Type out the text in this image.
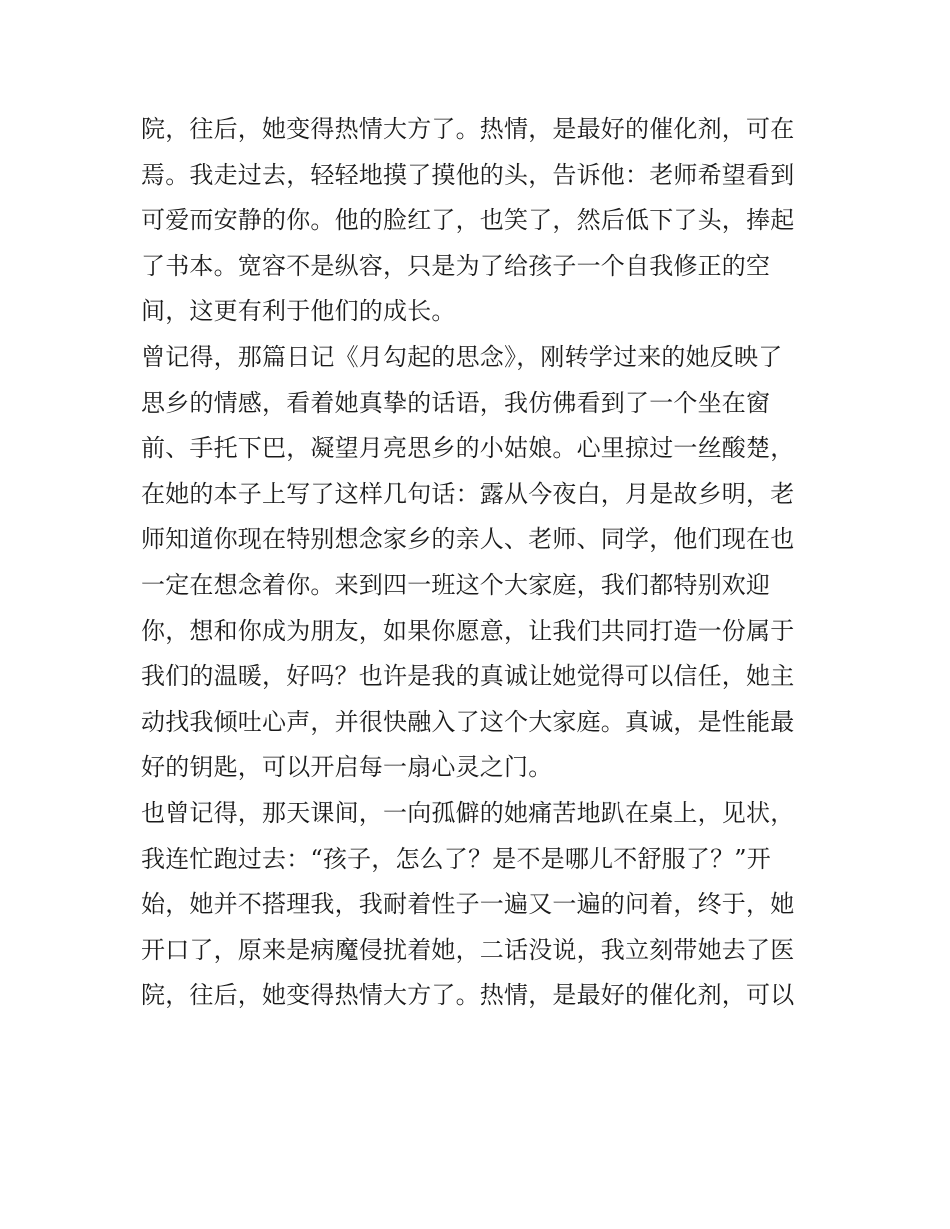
院，往后，她变得热情大方了。热情，是最好的催化剂，可在
焉。我走过去，轻轻地摸了摸他的头，告诉他：老师希望看到
可爱而安静的你。他的脸红了，也笑了，然后低下了头，捧起
了书本。宽容不是纵容，只是为了给孩子一个自我修正的空
间，这更有利于他们的成长。
曾记得，那篇日记《月勾起的思念》，刚转学过来的她反映了
思乡的情感，看着她真挚的话语，我仿佛看到了一个坐在窗
前、手托下巴，凝望月亮思乡的小姑娘。心里掠过一丝酸楚，
在她的本子上写了这样几句话：露从今夜白，月是故乡明，老
师知道你现在特别想念家乡的亲人、老师、同学，他们现在也
一定在想念着你。来到四一班这个大家庭，我们都特别欢迎
你，想和你成为朋友，如果你愿意，让我们共同打造一份属于
我们的温暖，好吗？也许是我的真诚让她觉得可以信任，她主
动找我倾吐心声，并很快融入了这个大家庭。真诚，是性能最
好的钥匙，可以开启每一扇心灵之门。
也曾记得，那天课间，一向孤僻的她痛苦地趴在桌上，见状，
我连忙跑过去：“孩子，怎么了？是不是哪儿不舒服了？”开
始，她并不搭理我，我耐着性子一遍又一遍的问着，终于，她
开口了，原来是病魔侵扰着她，二话没说，我立刻带她去了医
院，往后，她变得热情大方了。热情，是最好的催化剂，可以
